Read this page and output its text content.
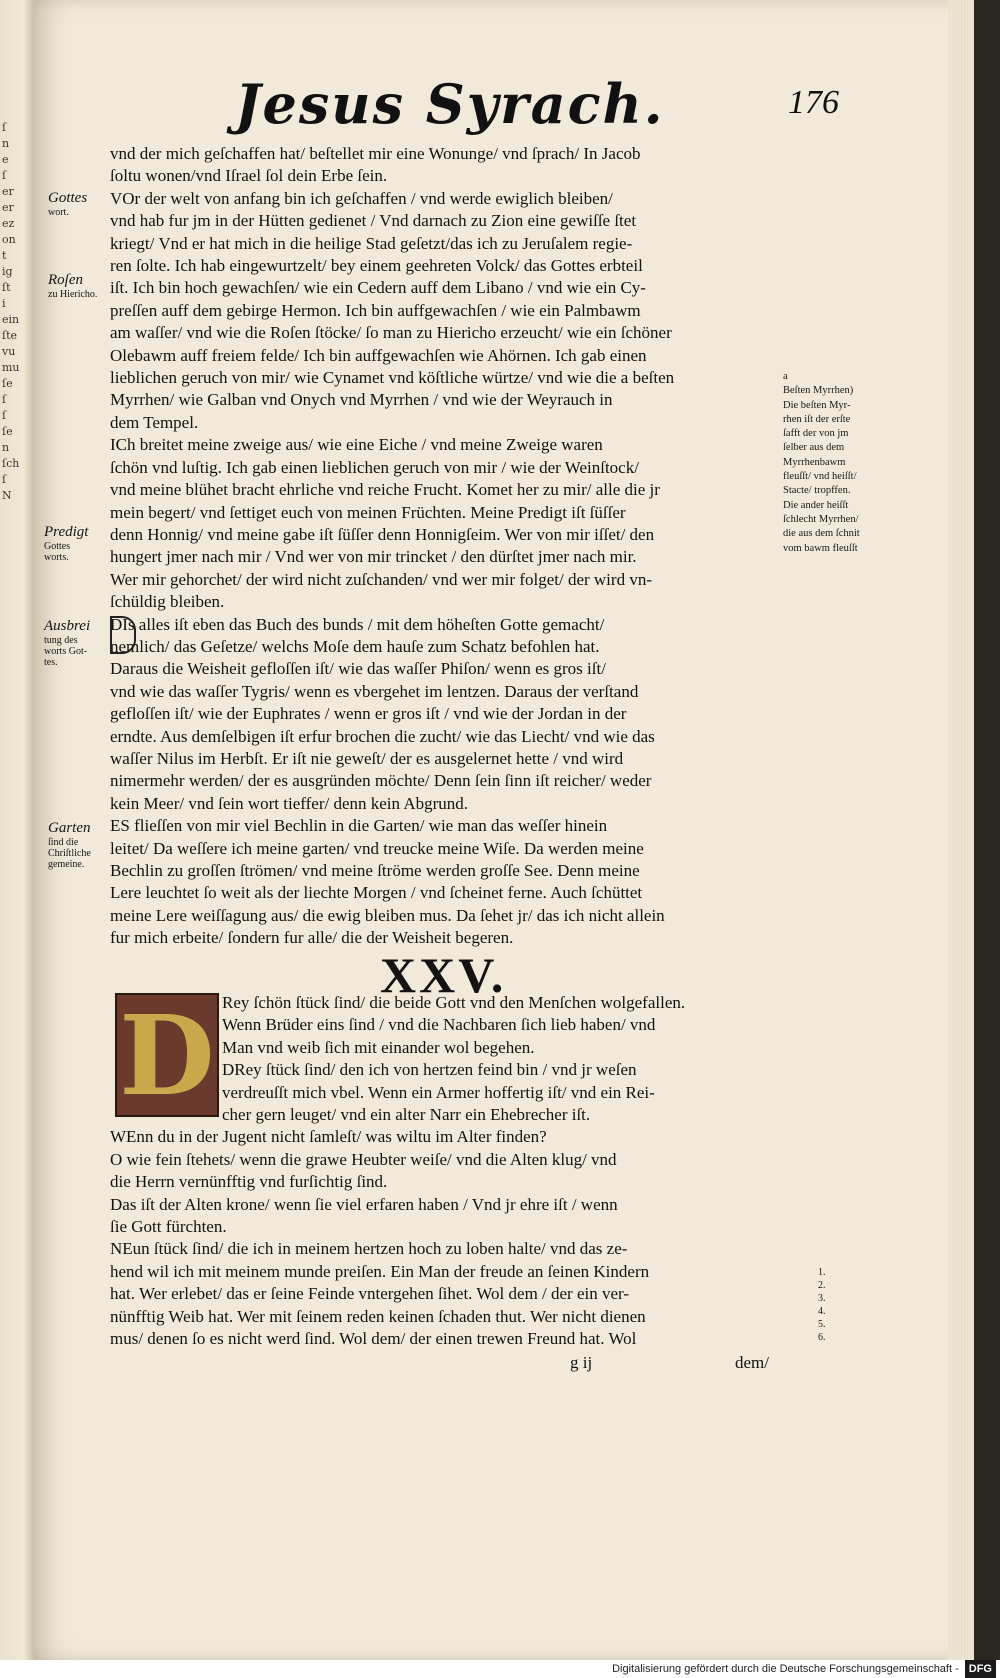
ſ
n
e
ſ
er
er
ez
on
t
ig
ſt
i
ein
ſte
vu
mu
ſe
ſ
ſ
ſe
n
ſch
ſ
N
Jesus Syrach.	176

vnd der mich geſchaffen hat/ beſtellet mir eine Wonunge/ vnd ſprach/ In Jacob

ſoltu wonen/vnd Iſrael ſol dein Erbe ſein.

VOr der welt von anfang bin ich geſchaffen / vnd werde ewiglich bleiben/

vnd hab fur jm in der Hütten gedienet / Vnd darnach zu Zion eine gewiſſe ſtet

kriegt/ Vnd er hat mich in die heilige Stad geſetzt/das ich zu Jeruſalem regie-

ren ſolte. Ich hab eingewurtzelt/ bey einem geehreten Volck/ das Gottes erbteil

iſt. Ich bin hoch gewachſen/ wie ein Cedern auff dem Libano / vnd wie ein Cy-

preſſen auff dem gebirge Hermon. Ich bin auffgewachſen / wie ein Palmbawm

am waſſer/ vnd wie die Roſen ſtöcke/ ſo man zu Hiericho erzeucht/ wie ein ſchöner

Olebawm auff freiem felde/ Ich bin auffgewachſen wie Ahörnen. Ich gab einen

lieblichen geruch von mir/ wie Cynamet vnd köſtliche würtze/ vnd wie die a beſten

Myrrhen/ wie Galban vnd Onych vnd Myrrhen / vnd wie der Weyrauch in

dem Tempel.

ICh breitet meine zweige aus/ wie eine Eiche / vnd meine Zweige waren

ſchön vnd luſtig. Ich gab einen lieblichen geruch von mir / wie der Weinſtock/

vnd meine blühet bracht ehrliche vnd reiche Frucht. Komet her zu mir/ alle die jr

mein begert/ vnd ſettiget euch von meinen Früchten. Meine Predigt iſt ſüſſer

denn Honnig/ vnd meine gabe iſt ſüſſer denn Honnigſeim. Wer von mir iſſet/ den

hungert jmer nach mir / Vnd wer von mir trincket / den dürſtet jmer nach mir.

Wer mir gehorchet/ der wird nicht zuſchanden/ vnd wer mir folget/ der wird vn-

ſchüldig bleiben.

DIs alles iſt eben das Buch des bunds / mit dem höheſten Gotte gemacht/

nemlich/ das Geſetze/ welchs Moſe dem hauſe zum Schatz befohlen hat.

Daraus die Weisheit gefloſſen iſt/ wie das waſſer Phiſon/ wenn es gros iſt/

vnd wie das waſſer Tygris/ wenn es vbergehet im lentzen. Daraus der verſtand

gefloſſen iſt/ wie der Euphrates / wenn er gros iſt / vnd wie der Jordan in der

erndte. Aus demſelbigen iſt erfur brochen die zucht/ wie das Liecht/ vnd wie das

waſſer Nilus im Herbſt. Er iſt nie geweſt/ der es ausgelernet hette / vnd wird

nimermehr werden/ der es ausgründen möchte/ Denn ſein ſinn iſt reicher/ weder

kein Meer/ vnd ſein wort tieffer/ denn kein Abgrund.

ES flieſſen von mir viel Bechlin in die Garten/ wie man das weſſer hinein

leitet/ Da weſſere ich meine garten/ vnd treucke meine Wiſe. Da werden meine

Bechlin zu groſſen ſtrömen/ vnd meine ſtröme werden groſſe See. Denn meine

Lere leuchtet ſo weit als der liechte Morgen / vnd ſcheinet ferne. Auch ſchüttet

meine Lere weiſſagung aus/ die ewig bleiben mus. Da ſehet jr/ das ich nicht allein

fur mich erbeite/ ſondern fur alle/ die der Weisheit begeren.

XXV.
D Rey ſchön ſtück ſind/ die beide Gott vnd den Menſchen wolgefallen.

Wenn Brüder eins ſind / vnd die Nachbaren ſich lieb haben/ vnd

Man vnd weib ſich mit einander wol begehen.

DRey ſtück ſind/ den ich von hertzen feind bin / vnd jr weſen

verdreuſſt mich vbel. Wenn ein Armer hoffertig iſt/ vnd ein Rei-

cher gern leuget/ vnd ein alter Narr ein Ehebrecher iſt.

WEnn du in der Jugent nicht ſamleſt/ was wiltu im Alter finden?

O wie fein ſtehets/ wenn die grawe Heubter weiſe/ vnd die Alten klug/ vnd

die Herrn vernünfftig vnd furſichtig ſind.

Das iſt der Alten krone/ wenn ſie viel erfaren haben / Vnd jr ehre iſt / wenn

ſie Gott fürchten.

NEun ſtück ſind/ die ich in meinem hertzen hoch zu loben halte/ vnd das ze-

hend wil ich mit meinem munde preiſen. Ein Man der freude an ſeinen Kindern

hat. Wer erlebet/ das er ſeine Feinde vntergehen ſihet. Wol dem / der ein ver-

nünfftig Weib hat. Wer mit ſeinem reden keinen ſchaden thut. Wer nicht dienen

mus/ denen ſo es nicht werd ſind. Wol dem/ der einen trewen Freund hat. Wol

Gottes
wort.
Roſen
zu Hiericho.
Predigt
Gottes
worts.
Ausbrei
tung des
worts Got-
tes.
Garten
ſind die
Chriſtliche
gemeine.
a
Beſten Myrrhen)
Die beſten Myr-
rhen iſt der erſte
ſafft der von jm
ſelber aus dem
Myrrhenbawm
fleuſſt/ vnd heiſſt/
Stacte/ tropffen.
Die ander heiſſt
ſchlecht Myrrhen/
die aus dem ſchnit
vom bawm fleuſſt
1.
2.
3.
4.
5.
6.
g ij	dem/
Digitalisierung gefördert durch die Deutsche Forschungsgemeinschaft - DFG
